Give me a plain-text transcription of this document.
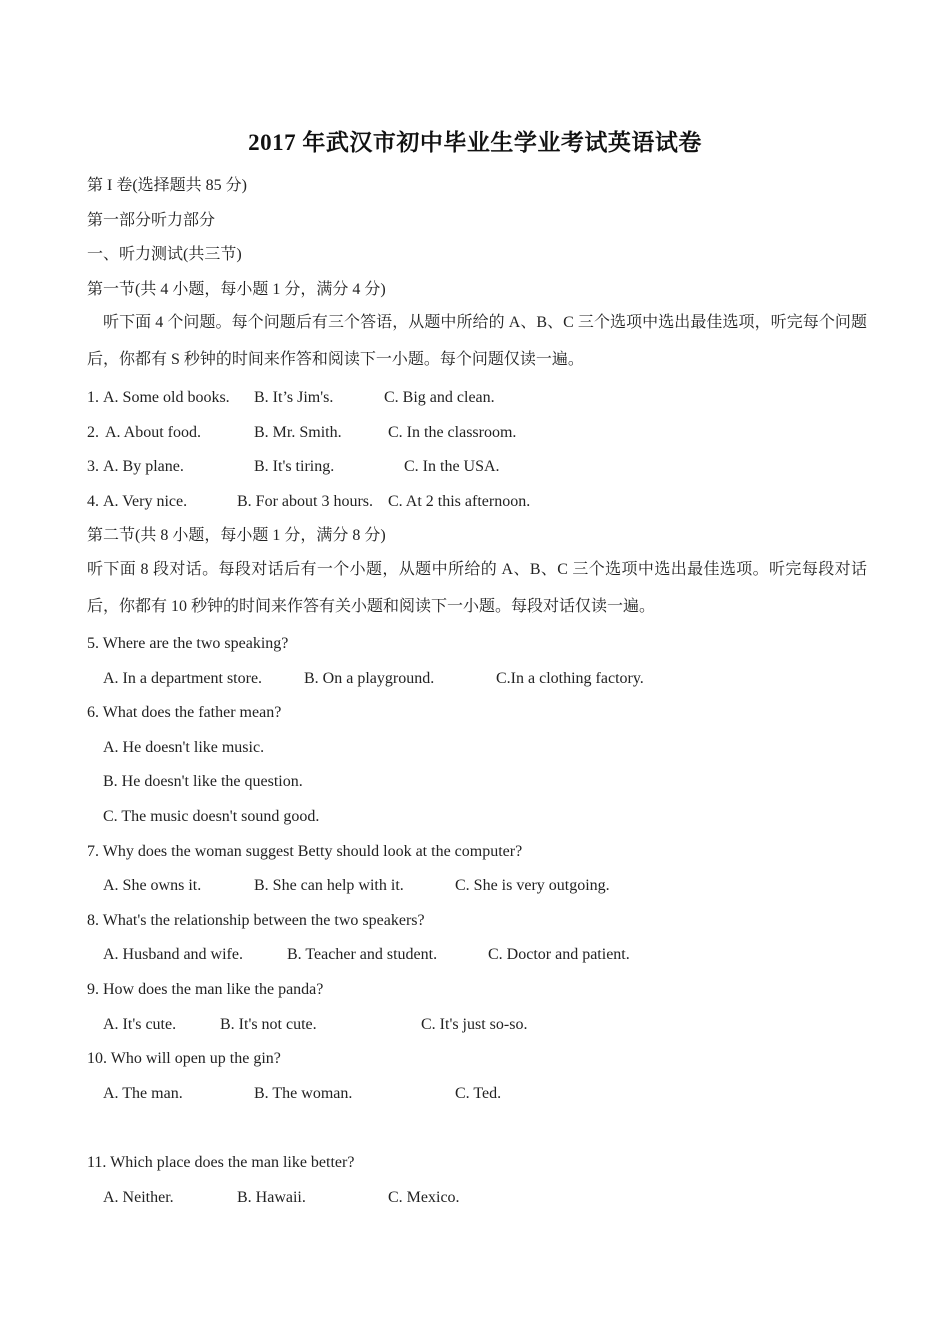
2017 年武汉市初中毕业生学业考试英语试卷
第 I 卷(选择题共 85 分)
第一部分听力部分
一、听力测试(共三节)
第一节(共 4 小题，每小题 1 分，满分 4 分)
听下面 4 个问题。每个问题后有三个答语，从题中所给的 A、B、C 三个选项中选出最佳选项，听完每个问题后，你都有 S 秒钟的时间来作答和阅读下一小题。每个问题仅读一遍。
1. A. Some old books. B. It’s Jim's.	C. Big and clean.
2. A. About food.	B. Mr. Smith.	C. In the classroom.
3. A. By plane.	B. It's tiring.	C. In the USA.
4. A. Very nice.	B. For about 3 hours. C. At 2 this afternoon.
第二节(共 8 小题，每小题 1 分，满分 8 分)
听下面 8 段对话。每段对话后有一个小题，从题中所给的 A、B、C 三个选项中选出最佳选项。听完每段对话后，你都有 10 秒钟的时间来作答有关小题和阅读下一小题。每段对话仅读一遍。
5. Where are the two speaking?
A. In a department store.	B. On a playground.	C.In a clothing factory.
6. What does the father mean?
A. He doesn't like music.
B. He doesn't like the question.
C. The music doesn't sound good.
7. Why does the woman suggest Betty should look at the computer?
A. She owns it.	B. She can help with it.	C. She is very outgoing.
8. What's the relationship between the two speakers?
A. Husband and wife.	B. Teacher and student.	C. Doctor and patient.
9. How does the man like the panda?
A. It's cute.	B. It's not cute.	C. It's just so-so.
10. Who will open up the gin?
A. The man.	B. The woman.	C. Ted.
11. Which place does the man like better?
A. Neither.	B. Hawaii.	C. Mexico.
